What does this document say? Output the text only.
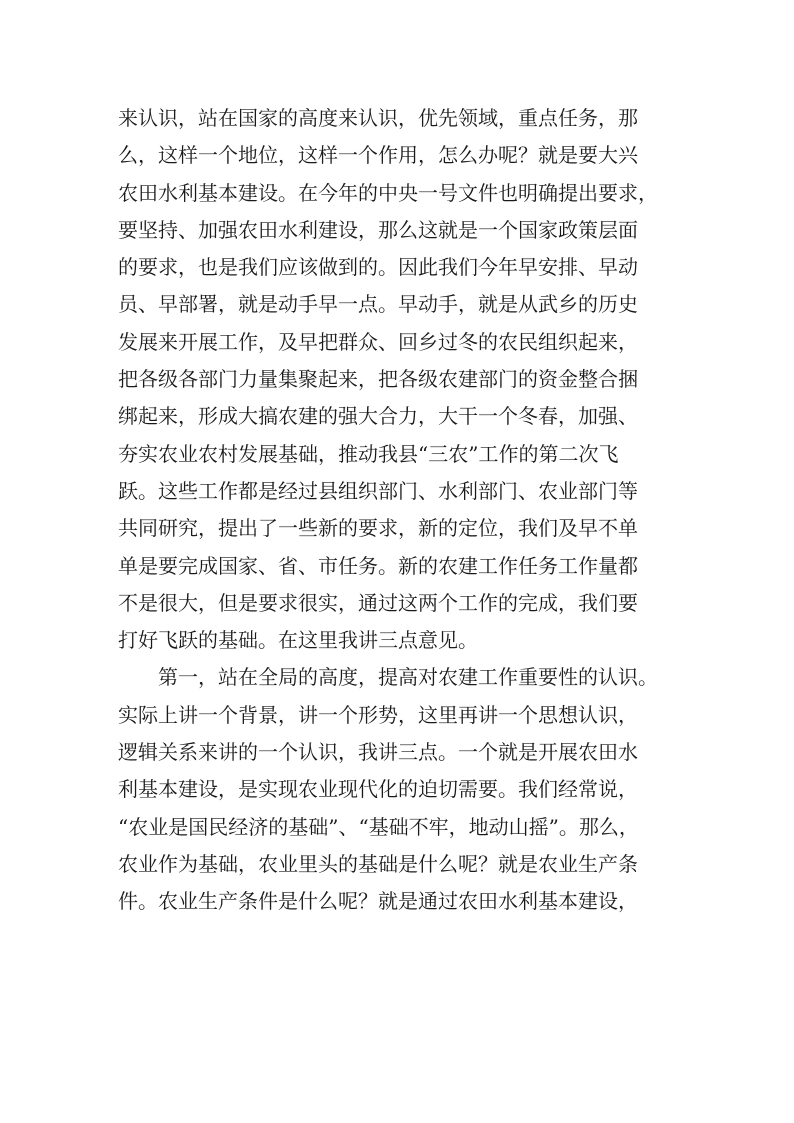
来认识，站在国家的高度来认识，优先领域，重点任务，那
么，这样一个地位，这样一个作用，怎么办呢？就是要大兴
农田水利基本建设。在今年的中央一号文件也明确提出要求，
要坚持、加强农田水利建设，那么这就是一个国家政策层面
的要求，也是我们应该做到的。因此我们今年早安排、早动
员、早部署，就是动手早一点。早动手，就是从武乡的历史
发展来开展工作，及早把群众、回乡过冬的农民组织起来，
把各级各部门力量集聚起来，把各级农建部门的资金整合捆
绑起来，形成大搞农建的强大合力，大干一个冬春，加强、
夯实农业农村发展基础，推动我县“三农”工作的第二次飞
跃。这些工作都是经过县组织部门、水利部门、农业部门等
共同研究，提出了一些新的要求，新的定位，我们及早不单
单是要完成国家、省、市任务。新的农建工作任务工作量都
不是很大，但是要求很实，通过这两个工作的完成，我们要
打好飞跃的基础。在这里我讲三点意见。
第一，站在全局的高度，提高对农建工作重要性的认识。
实际上讲一个背景，讲一个形势，这里再讲一个思想认识，
逻辑关系来讲的一个认识，我讲三点。一个就是开展农田水
利基本建设，是实现农业现代化的迫切需要。我们经常说，
“农业是国民经济的基础”、“基础不牢，地动山摇”。那么，
农业作为基础，农业里头的基础是什么呢？就是农业生产条
件。农业生产条件是什么呢？就是通过农田水利基本建设，
